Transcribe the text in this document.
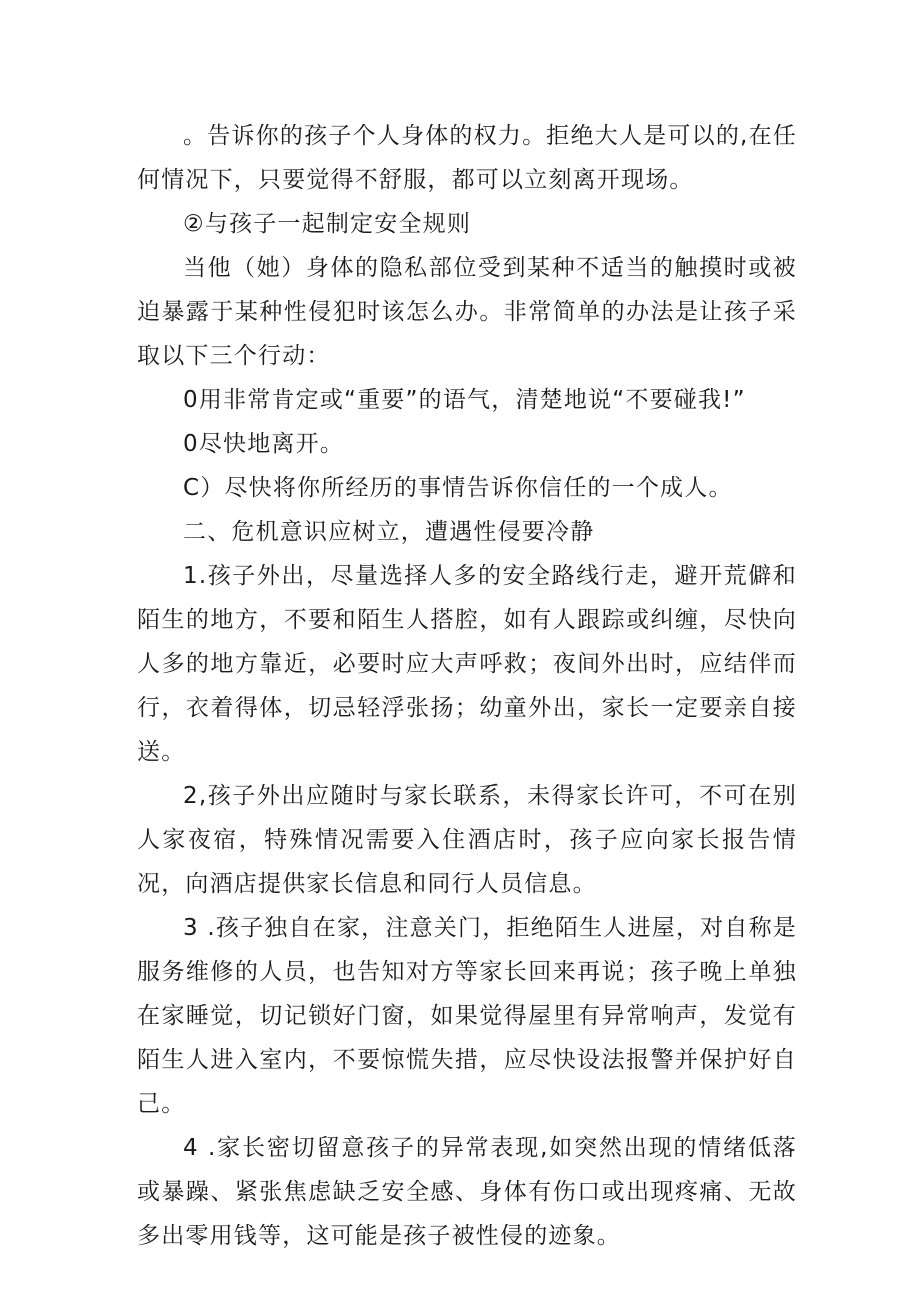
。告诉你的孩子个人身体的权力。拒绝大人是可以的,在任何情况下，只要觉得不舒服，都可以立刻离开现场。

②与孩子一起制定安全规则

当他（她）身体的隐私部位受到某种不适当的触摸时或被迫暴露于某种性侵犯时该怎么办。非常简单的办法是让孩子采取以下三个行动：

0用非常肯定或“重要”的语气，清楚地说“不要碰我!”

0尽快地离开。

C）尽快将你所经历的事情告诉你信任的一个成人。

二、危机意识应树立，遭遇性侵要冷静

1.孩子外出，尽量选择人多的安全路线行走，避开荒僻和陌生的地方，不要和陌生人搭腔，如有人跟踪或纠缠，尽快向人多的地方靠近，必要时应大声呼救；夜间外出时，应结伴而行，衣着得体，切忌轻浮张扬；幼童外出，家长一定要亲自接送。

2,孩子外出应随时与家长联系，未得家长许可，不可在别人家夜宿，特殊情况需要入住酒店时，孩子应向家长报告情况，向酒店提供家长信息和同行人员信息。

3 .孩子独自在家，注意关门，拒绝陌生人进屋，对自称是服务维修的人员，也告知对方等家长回来再说；孩子晚上单独在家睡觉，切记锁好门窗，如果觉得屋里有异常响声，发觉有陌生人进入室内，不要惊慌失措，应尽快设法报警并保护好自己。

4 .家长密切留意孩子的异常表现,如突然出现的情绪低落或暴躁、紧张焦虑缺乏安全感、身体有伤口或出现疼痛、无故多出零用钱等，这可能是孩子被性侵的迹象。
